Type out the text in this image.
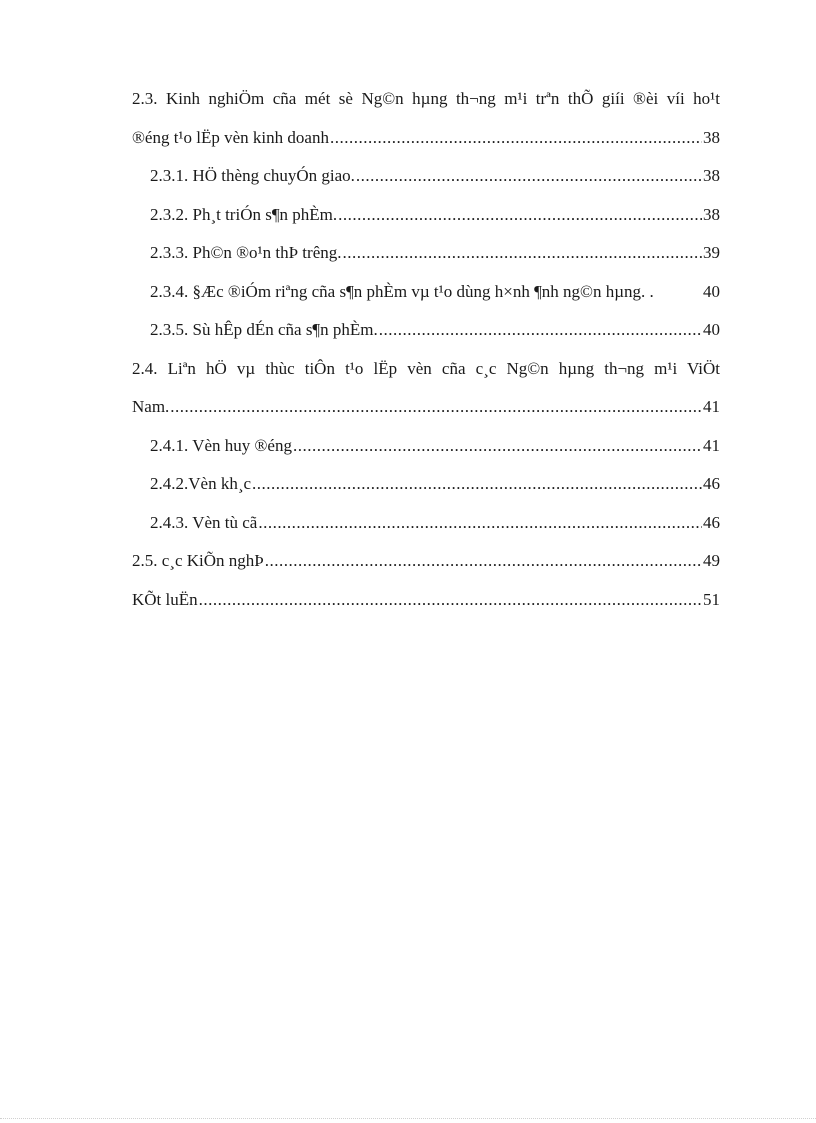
2.3. Kinh nghiÖm cña mét sè Ng©n hµng th¬ng m¹i trªn thÕ giíi ®èi víi ho¹t
®éng t¹o lËp vèn kinh doanh .....	38
2.3.1. HÖ thèng chuyÓn giao. .....	38
2.3.2. Ph¸t triÓn s¶n phÈm. .....	38
2.3.3. Ph©n ®o¹n thÞ trêng. .....	39
2.3.4. §Æc ®iÓm riªng cña s¶n phÈm vµ t¹o dùng h×nh ¶nh ng©n hµng. .	40
2.3.5. Sù hÊp dÉn cña s¶n phÈm. .....	40
2.4. Liªn hÖ vµ thùc tiÔn t¹o lËp vèn cña c¸c Ng©n hµng th¬ng m¹i ViÖt
Nam. .....	41
2.4.1. Vèn huy ®éng .....	41
2.4.2.Vèn kh¸c .....	46
2.4.3. Vèn tù cã .....	46
2.5. c¸c KiÕn nghÞ .....	49
KÕt luËn .....	51
